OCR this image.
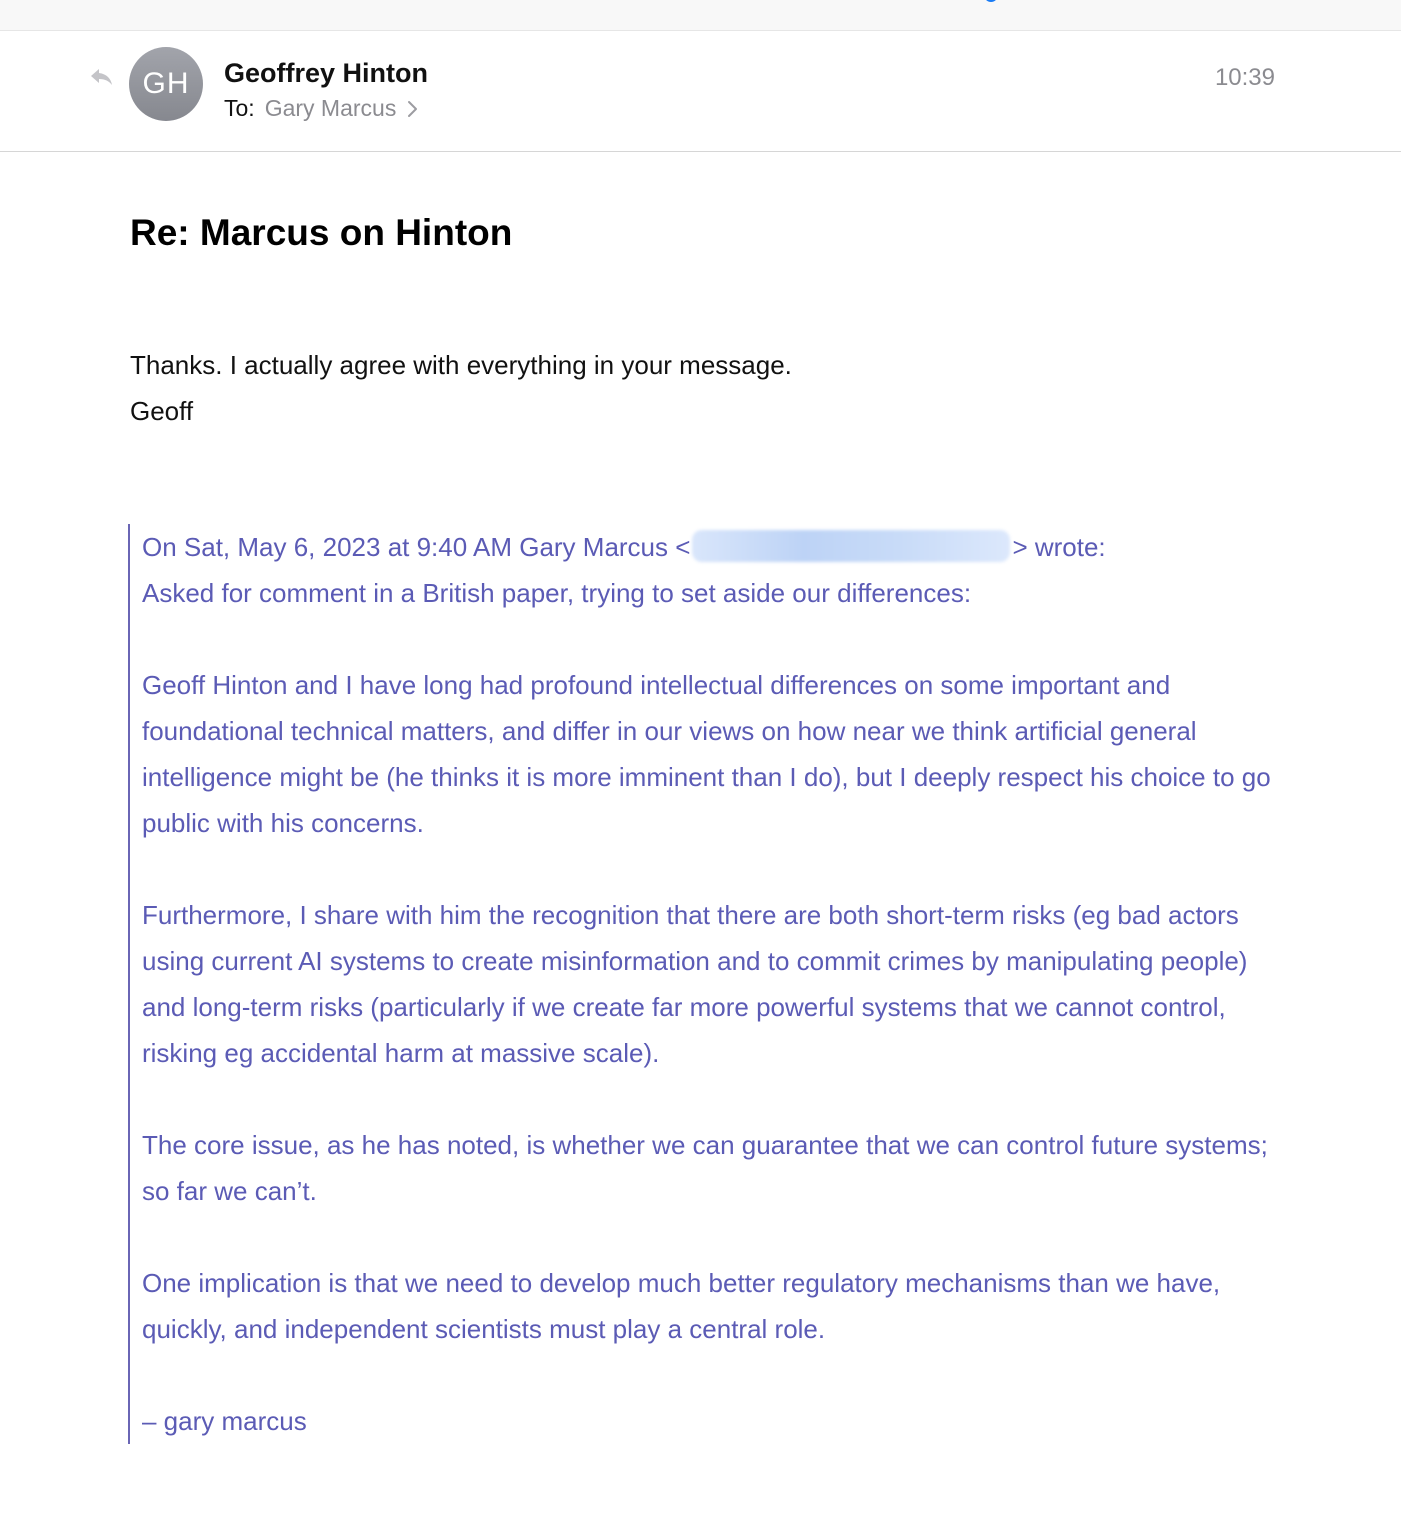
GH	Geoffrey Hinton
To: Gary Marcus
10:39
Re: Marcus on Hinton
Thanks. I actually agree with everything in your message.
Geoff
On Sat, May 6, 2023 at 9:40 AM Gary Marcus <	> wrote:

Asked for comment in a British paper, trying to set aside our differences:

Geoff Hinton and I have long had profound intellectual differences on some important and foundational technical matters, and differ in our views on how near we think artificial general intelligence might be (he thinks it is more imminent than I do), but I deeply respect his choice to go public with his concerns.

Furthermore, I share with him the recognition that there are both short-term risks (eg bad actors using current AI systems to create misinformation and to commit crimes by manipulating people) and long-term risks (particularly if we create far more powerful systems that we cannot control, risking eg accidental harm at massive scale).

The core issue, as he has noted, is whether we can guarantee that we can control future systems; so far we can’t.

One implication is that we need to develop much better regulatory mechanisms than we have, quickly, and independent scientists must play a central role.

– gary marcus
